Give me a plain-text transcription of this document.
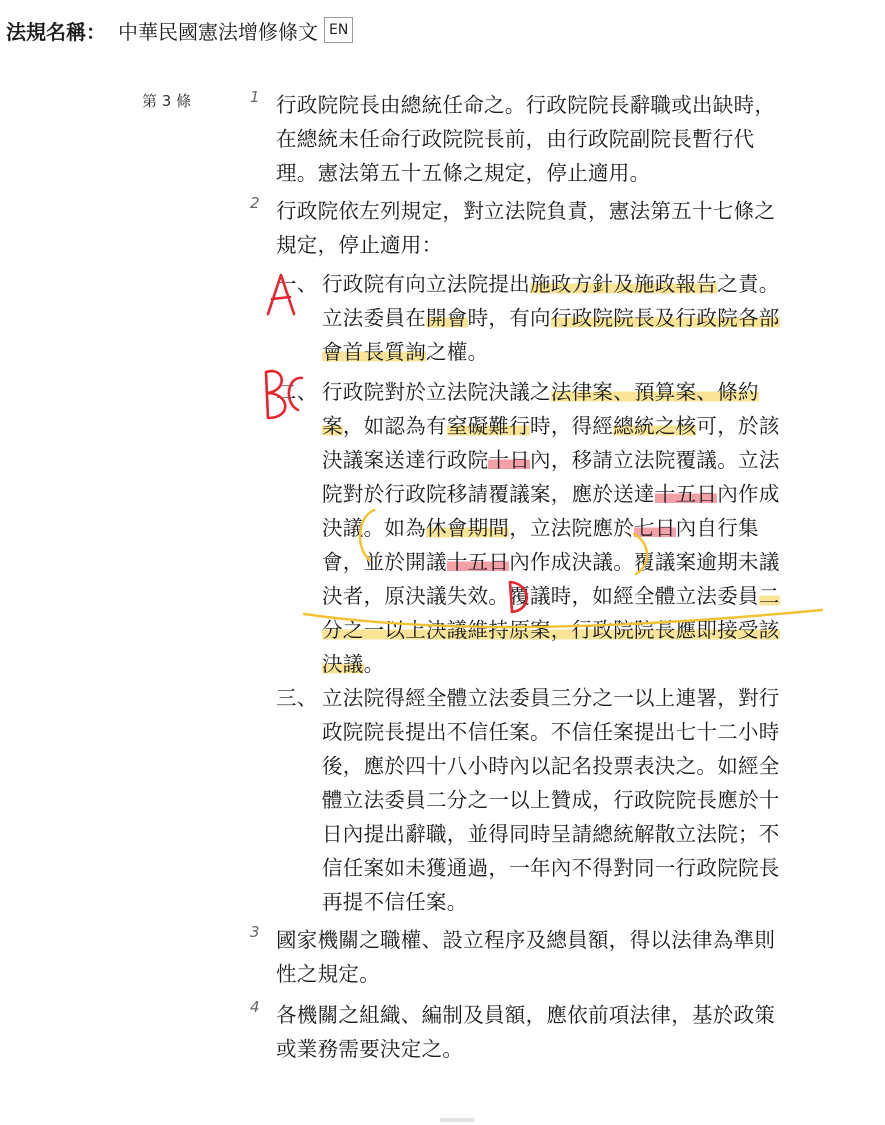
法規名稱： 中華民國憲法增修條文 EN
第 3 條	1 行政院院長由總統任命之。行政院院長辭職或出缺時，
在總統未任命行政院院長前，由行政院副院長暫行代
理。憲法第五十五條之規定，停止適用。
2 行政院依左列規定，對立法院負責，憲法第五十七條之
規定，停止適用：
一、 行政院有向立法院提出施政方針及施政報告之責。
立法委員在開會時，有向行政院院長及行政院各部
會首長質詢之權。
二、 行政院對於立法院決議之法律案、預算案、條約
案，如認為有窒礙難行時，得經總統之核可，於該
決議案送達行政院十日內，移請立法院覆議。立法
院對於行政院移請覆議案，應於送達十五日內作成
決議。如為休會期間，立法院應於七日內自行集
會，並於開議十五日內作成決議。覆議案逾期未議
決者，原決議失效。覆議時，如經全體立法委員二
分之一以上決議維持原案，行政院院長應即接受該
決議。
三、 立法院得經全體立法委員三分之一以上連署，對行
政院院長提出不信任案。不信任案提出七十二小時
後，應於四十八小時內以記名投票表決之。如經全
體立法委員二分之一以上贊成，行政院院長應於十
日內提出辭職，並得同時呈請總統解散立法院；不
信任案如未獲通過，一年內不得對同一行政院院長
再提不信任案。
3 國家機關之職權、設立程序及總員額，得以法律為準則
性之規定。
4 各機關之組織、編制及員額，應依前項法律，基於政策
或業務需要決定之。
